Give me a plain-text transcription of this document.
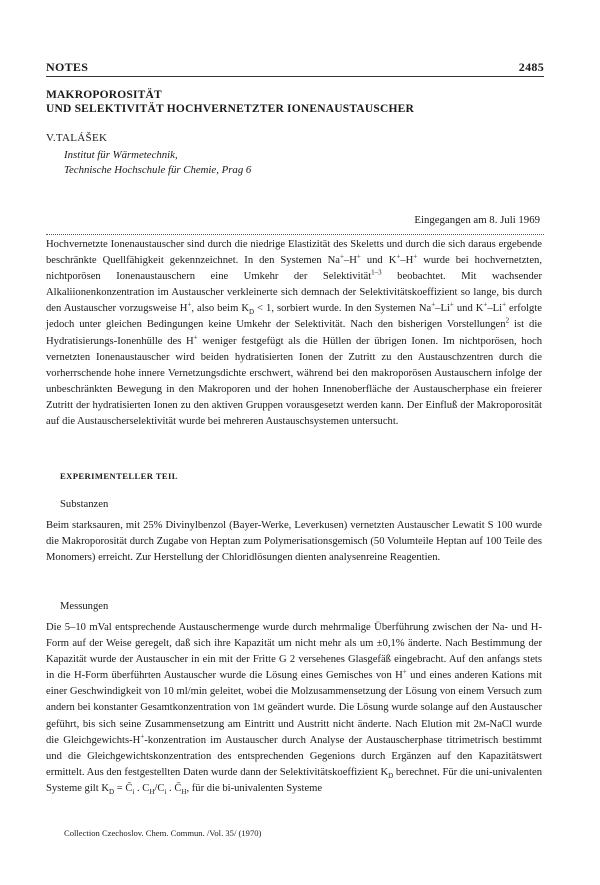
NOTES	2485
MAKROPOROSITÄT
UND SELEKTIVITÄT HOCHVERNETZTER IONENAUSTAUSCHER
V.TALÁŠEK
Institut für Wärmetechnik,
Technische Hochschule für Chemie, Prag 6
Eingegangen am 8. Juli 1969

Hochvernetzte Ionenaustauscher sind durch die niedrige Elastizität des Skeletts und durch die sich daraus ergebende beschränkte Quellfähigkeit gekennzeichnet. In den Systemen Na+–H+ und K+–H+ wurde bei hochvernetzten, nichtporösen Ionenaustauschern eine Umkehr der Selektivität$^{1-3}$ beobachtet. Mit wachsender Alkaliionenkonzentration im Austauscher verkleinerte sich demnach der Selektivitätskoeffizient so lange, bis durch den Austauscher vorzugsweise H+, also beim $K_D < 1$, sorbiert wurde. In den Systemen Na+–Li+ und K+–Li+ erfolgte jedoch unter gleichen Bedingungen keine Umkehr der Selektivität. Nach den bisherigen Vorstellungen$^2$ ist die Hydratisierungs-Ionenhülle des H+ weniger festgefügt als die Hüllen der übrigen Ionen. Im nichtporösen, hoch vernetzten Ionenaustauscher wird beiden hydratisierten Ionen der Zutritt zu den Austauschzentren durch die vorherrschende hohe innere Vernetzungsdichte erschwert, während bei den makroporösen Austauschern infolge der unbeschränkten Bewegung in den Makroporen und der hohen Innenoberfläche der Austauscherphase ein freierer Zutritt der hydratisierten Ionen zu den aktiven Gruppen vorausgesetzt werden kann. Der Einfluß der Makroporosität auf die Austauscherselektivität wurde bei mehreren Austauschsystemen untersucht.

EXPERIMENTELLER TEIL
Substanzen

Beim starksauren, mit 25% Divinylbenzol (Bayer-Werke, Leverkusen) vernetzten Austauscher Lewatit S 100 wurde die Makroporosität durch Zugabe von Heptan zum Polymerisationsgemisch (50 Volumteile Heptan auf 100 Teile des Monomers) erreicht. Zur Herstellung der Chloridlösungen dienten analysenreine Reagentien.

Messungen

Die 5–10 mVal entsprechende Austauschermenge wurde durch mehrmalige Überführung zwischen der Na- und H-Form auf der Weise geregelt, daß sich ihre Kapazität um nicht mehr als um ±0,1% änderte. Nach Bestimmung der Kapazität wurde der Austauscher in ein mit der Fritte G 2 versehenes Glasgefäß eingebracht. Auf den anfangs stets in die H-Form überführten Austauscher wurde die Lösung eines Gemisches von H+ und eines anderen Kations mit einer Geschwindigkeit von 10 ml/min geleitet, wobei die Molzusammensetzung der Lösung von einem Versuch zum andern bei konstanter Gesamtkonzentration von 1M geändert wurde. Die Lösung wurde solange auf den Austauscher geführt, bis sich seine Zusammensetzung am Eintritt und Austritt nicht änderte. Nach Elution mit 2M-NaCl wurde die Gleichgewichts-H+-konzentration im Austauscher durch Analyse der Austauscherphase titrimetrisch bestimmt und die Gleichgewichtskonzentration des entsprechenden Gegenions durch Ergänzen auf den Kapazitätswert ermittelt. Aus den festgestellten Daten wurde dann der Selektivitätskoeffizient $K_D$ berechnet. Für die uni-univalenten Systeme gilt $K_D$ = $C̄_i$ . $C_H/C_i$ . $C̄_H$, für die bi-univalenten Systeme

Collection Czechoslov. Chem. Commun. /Vol. 35/ (1970)
